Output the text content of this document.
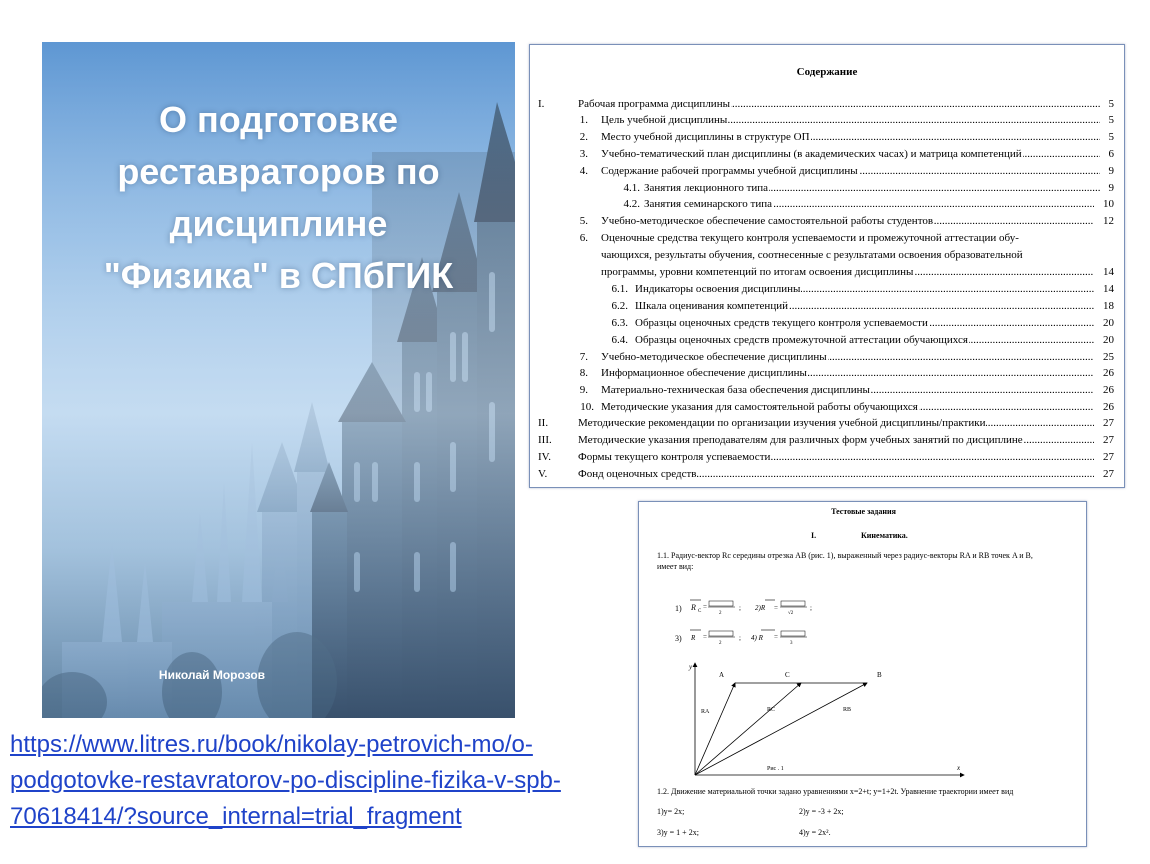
О подготовке
реставраторов по
дисциплине
"Физика" в СПбГИК
Николай Морозов
https://www.litres.ru/book/nikolay-petrovich-mo/o-
podgotovke-restavratorov-po-discipline-fizika-v-spb-
70618414/?source_internal=trial_fragment
Содержание
I.	Рабочая программа дисциплины .....	5
1. Цель учебной дисциплины .....	5
2. Место учебной дисциплины в структуре ОП .....	5
3. Учебно-тематический план дисциплины (в академических часах) и матрица компетенций .....	6
4. Содержание рабочей программы учебной дисциплины .....	9
4.1. Занятия лекционного типа .....	9
4.2. Занятия семинарского типа .....	10
5. Учебно-методическое обеспечение самостоятельной работы студентов .....	12
6. Оценочные средства текущего контроля успеваемости и промежуточной аттестации обу-
чающихся, результаты обучения, соотнесенные с результатами освоения образовательной
программы, уровни компетенций по итогам освоения дисциплины .....	14
6.1. Индикаторы освоения дисциплины .....	14
6.2. Шкала оценивания компетенций .....	18
6.3. Образцы оценочных средств текущего контроля успеваемости .....	20
6.4. Образцы оценочных средств промежуточной аттестации обучающихся .....	20
7. Учебно-методическое обеспечение дисциплины .....	25
8. Информационное обеспечение дисциплины .....	26
9. Материально-техническая база обеспечения дисциплины .....	26
10. Методические указания для самостоятельной работы обучающихся .....	26
II.	Методические рекомендации по организации изучения учебной дисциплины/практики .....	27
III.	Методические указания преподавателям для различных форм учебных занятий по дисциплине .....	27
IV.	Формы текущего контроля успеваемости .....	27
V.	Фонд оценочных средств .....	27
Тестовые задания
I.	Кинематика.
1.1. Радиус-вектор Rc середины отрезка AB (рис. 1), выраженный через радиус-векторы RA и RB точек A и B,
имеет вид:
1) R C
=
2
; 2)R =
√2
;
3) R =
2
; 4) R =
3
y
x
A	C	B
RA	RC	RB
Рис . 1
1.2. Движение материальной точки задано уравнениями x=2+t; y=1+2t. Уравнение траектории имеет вид
1)y= 2x;	2)y = -3 + 2x;
3)y = 1 + 2x;	4)y = 2x².
